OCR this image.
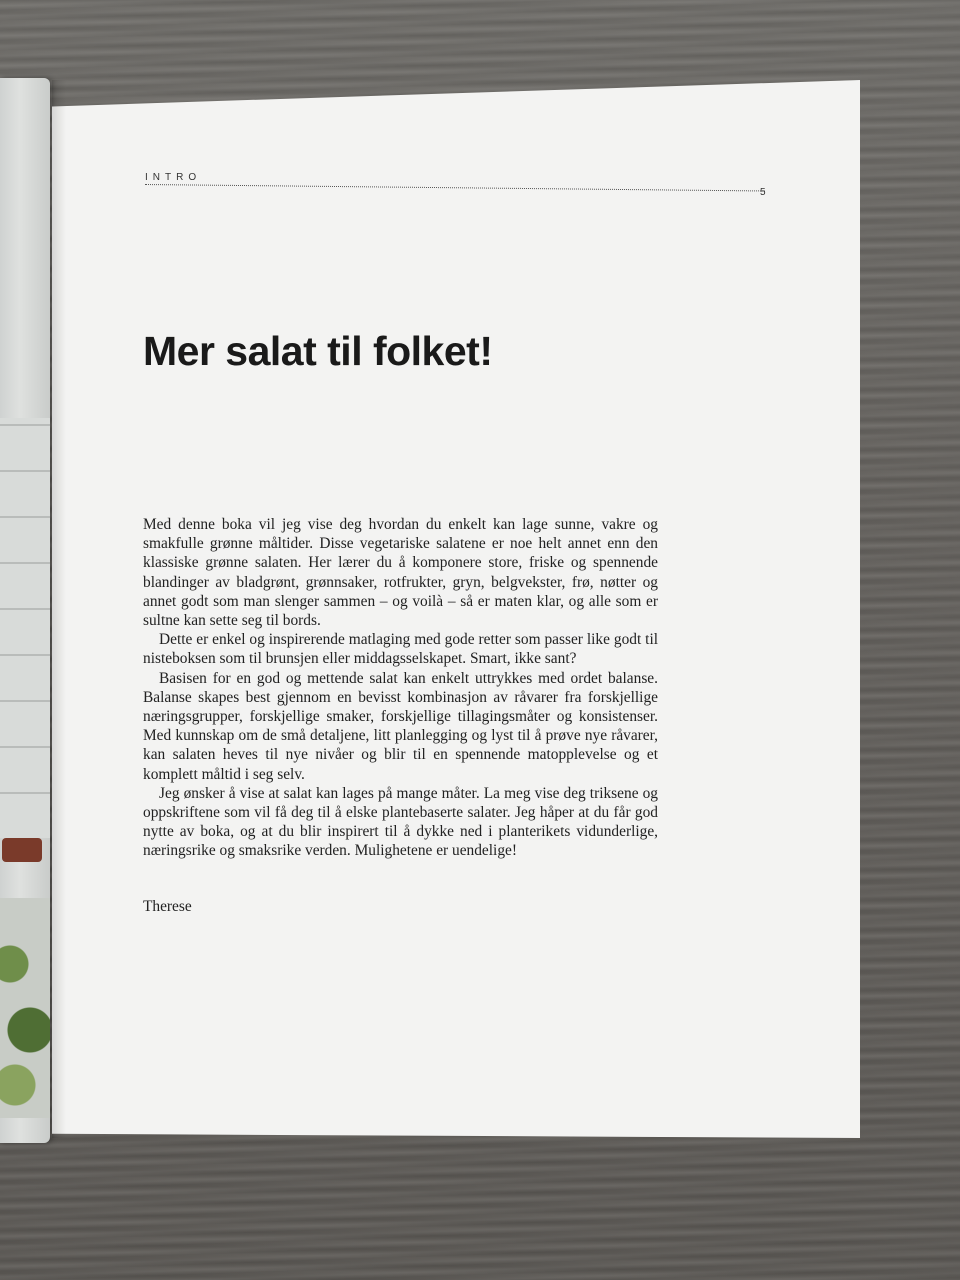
INTRO
5
Mer salat til folket!

Med denne boka vil jeg vise deg hvordan du enkelt kan lage sunne, vakre og smakfulle grønne måltider. Disse vegetariske salatene er noe helt annet enn den klassiske grønne salaten. Her lærer du å komponere store, friske og spennende blandinger av bladgrønt, grønnsaker, rotfrukter, gryn, belgvekster, frø, nøtter og annet godt som man slenger sammen – og voilà – så er maten klar, og alle som er sultne kan sette seg til bords.

Dette er enkel og inspirerende matlaging med gode retter som passer like godt til nisteboksen som til brunsjen eller middagsselskapet. Smart, ikke sant?

Basisen for en god og mettende salat kan enkelt uttrykkes med ordet balanse. Balanse skapes best gjennom en bevisst kombinasjon av råvarer fra forskjellige næringsgrupper, forskjellige smaker, forskjellige tillagingsmåter og konsistenser. Med kunnskap om de små detaljene, litt planlegging og lyst til å prøve nye råvarer, kan salaten heves til nye nivåer og blir til en spennende matopplevelse og et komplett måltid i seg selv.

Jeg ønsker å vise at salat kan lages på mange måter. La meg vise deg triksene og oppskriftene som vil få deg til å elske plantebaserte salater. Jeg håper at du får god nytte av boka, og at du blir inspirert til å dykke ned i planterikets vidunderlige, næringsrike og smaksrike verden. Mulighetene er uendelige!

Therese
